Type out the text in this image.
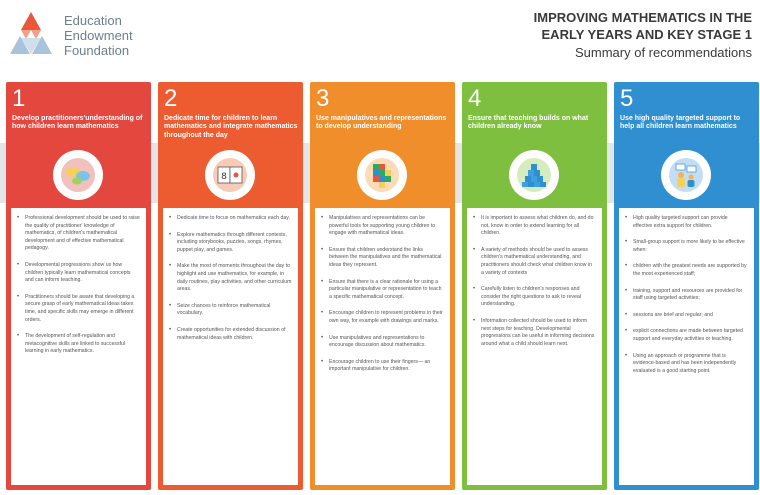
Education
Endowment
Foundation
IMPROVING MATHEMATICS IN THE
EARLY YEARS AND KEY STAGE 1
Summary of recommendations
1
Develop practitioners'understanding of how children learn mathematics
• Professional development should be used to raise the quality of practitioner' knowledge of mathematics, of children's mathematical development and of effective mathematical pedagogy.
• Developmental progressions show us how children typically learn mathematical concepts and can inform teaching.
• Practitioners should be aware that developing a secure grasp of early mathematical ideas takes time, and specific skills may emerge in different orders.
• The development of self-regulation and metacognitive skills are linked to successful learning in early mathematics.
2
Dedicate time for children to learn mathematics and integrate mathematics throughout the day
8
• Dedicate time to focus on mathematics each day.
• Explore mathematics through different contexts, including storybooks, puzzles, songs, rhymes, puppet play, and games.
• Make the most of moments throughout the day to highlight and use mathematics, for example, in daily routines, play activities, and other curriculum areas.
• Seize chances to reinforce mathematical vocabulary.
• Create opportunities for extended discussion of mathematical ideas with children.
3
Use manipulatives and representations to develop understanding
• Manipulatives and representations can be powerful tools for supporting young children to engage with mathematical ideas.
• Ensure that children understand the links between the manipulatives and the mathematical ideas they represent.
• Ensure that there is a clear rationale for using a particular manipulative or representation to teach a specific mathematical concept.
• Encourage children to represent problems in their own way, for example with drawings and marks.
• Use manipulatives and representations to encourage discussion about mathematics.
• Encourage children to use their fingers— an important manipulative for children.
4
Ensure that teaching builds on what children already know
• It is important to assess what children do, and do not, know in order to extend learning for all children.
• A variety of methods should be used to assess children's mathematical understanding, and practitioners should check what children know in a variety of contexts
• Carefully listen to children's responses and consider the right questions to ask to reveal understanding.
• Information collected should be used to inform next steps for teaching. Developmental progressions can be useful in informing decisions around what a child should learn next.
5
Use high quality targeted support to help all children learn mathematics
• High quality targeted support can provide effective extra support for children.
• Small-group support is more likely to be effective when:
• children with the greatest needs are supported by the most experienced staff;
• training, support and resources are provided for staff using targeted activities;
• sessions are brief and regular; and
• explicit connections are made between targeted support and everyday activities or teaching.
• Using an approach or programme that is evidence-based and has been independently evaluated is a good starting point.
